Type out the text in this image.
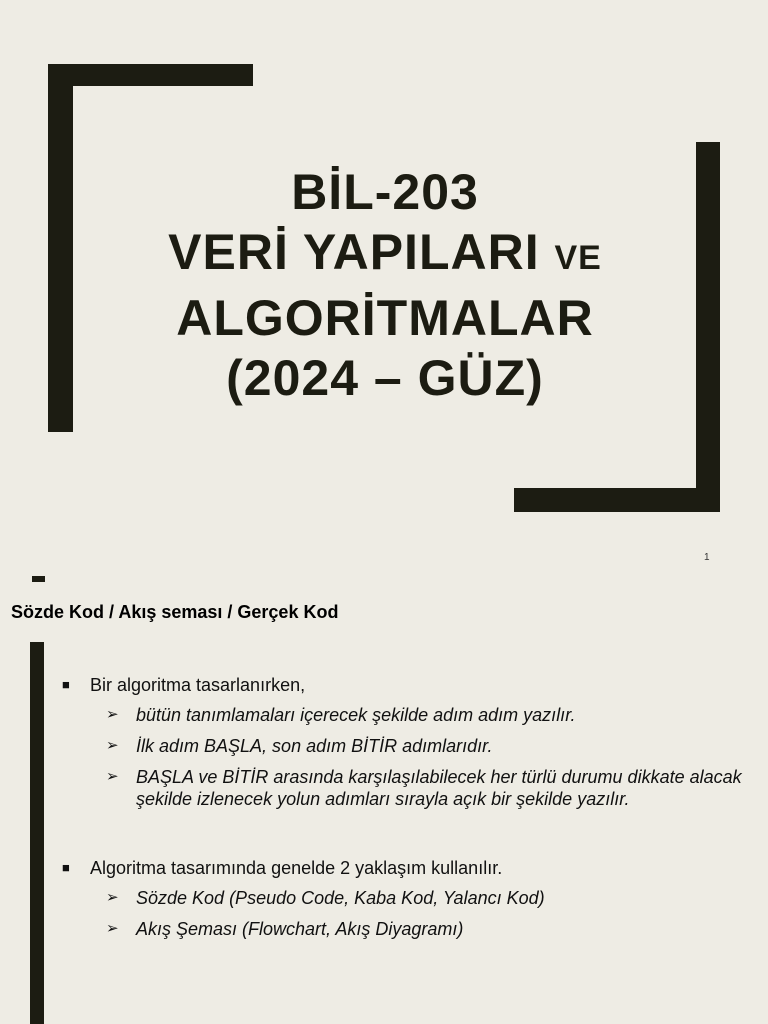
BİL-203
VERİ YAPILARI VE
ALGORİTMALAR
(2024 – GÜZ)
1
Sözde Kod / Akış seması / Gerçek Kod
■ Bir algoritma tasarlanırken,
➢ bütün tanımlamaları içerecek şekilde adım adım yazılır.
➢ İlk adım BAŞLA, son adım BİTİR adımlarıdır.
➢ BAŞLA ve BİTİR arasında karşılaşılabilecek her türlü durumu dikkate alacak şekilde izlenecek yolun adımları sırayla açık bir şekilde yazılır.
■ Algoritma tasarımında genelde 2 yaklaşım kullanılır.
➢ Sözde Kod (Pseudo Code, Kaba Kod, Yalancı Kod)
➢ Akış Şeması (Flowchart, Akış Diyagramı)
